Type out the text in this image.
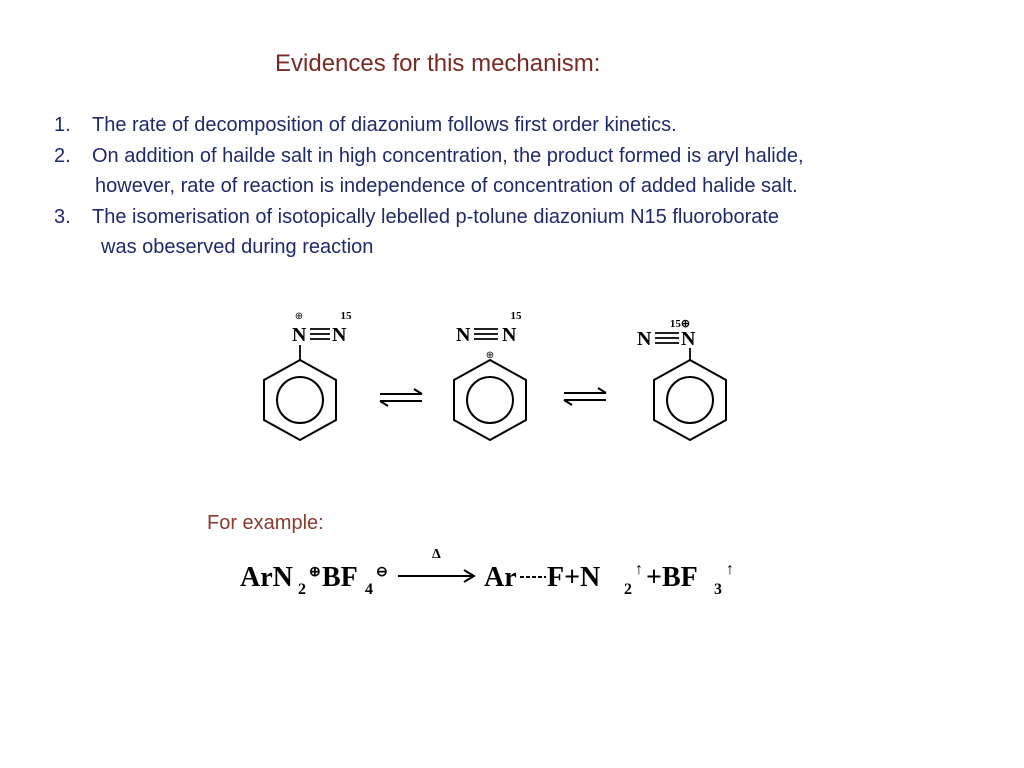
Evidences for this mechanism:
1. The rate of decomposition of diazonium follows first order kinetics.
2. On addition of hailde salt in high concentration, the product formed is aryl halide,
however, rate of reaction is independence of concentration of added halide salt.
3. The isomerisation of isotopically lebelled p-tolune diazonium N15 fluoroborate
was obeserved during reaction
⊕	15
N N
15
N N
⊕
15⊕
N N
For example:
ArN 2
⊕ BF 4
⊖
Δ
Ar F+N 2
↑ +BF 3
↑
